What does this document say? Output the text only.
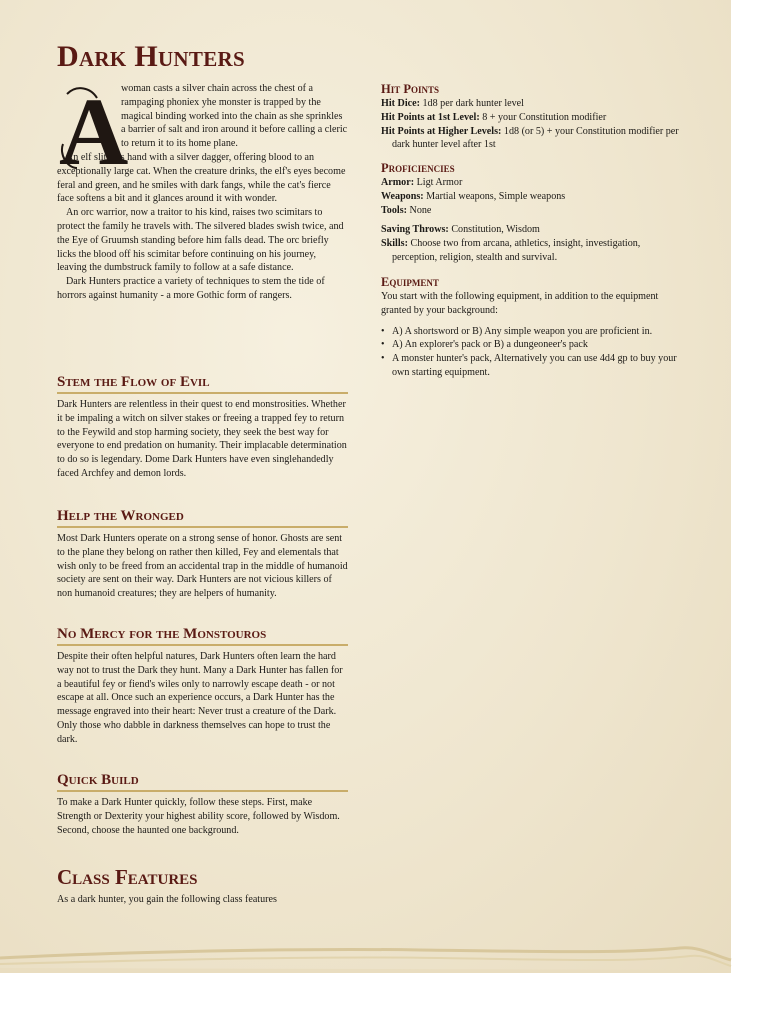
Dark Hunters
A

woman casts a silver chain across the chest of a rampaging phoniex yhe monster is trapped by the magical binding worked into the chain as she sprinkles a barrier of salt and iron around it before calling a cleric to return it to its home plane.

An elf slits his hand with a silver dagger, offering blood to an exceptionally large cat. When the creature drinks, the elf's eyes become feral and green, and he smiles with dark fangs, while the cat's fierce face softens a bit and it glances around it with wonder.

An orc warrior, now a traitor to his kind, raises two scimitars to protect the family he travels with. The silvered blades swish twice, and the Eye of Gruumsh standing before him falls dead. The orc briefly licks the blood off his scimitar before continuing on his journey, leaving the dumbstruck family to follow at a safe distance.

Dark Hunters practice a variety of techniques to stem the tide of horrors against humanity - a more Gothic form of rangers.

Stem the Flow of Evil

Dark Hunters are relentless in their quest to end monstrosities. Whether it be impaling a witch on silver stakes or freeing a trapped fey to return to the Feywild and stop harming society, they seek the best way for everyone to end predation on humanity. Their implacable determination to do so is legendary. Dome Dark Hunters have even singlehandedly faced Archfey and demon lords.

Help the Wronged

Most Dark Hunters operate on a strong sense of honor. Ghosts are sent to the plane they belong on rather then killed, Fey and elementals that wish only to be freed from an accidental trap in the middle of humanoid society are sent on their way. Dark Hunters are not vicious killers of non humanoid creatures; they are helpers of humanity.

No Mercy for the Monstouros

Despite their often helpful natures, Dark Hunters often learn the hard way not to trust the Dark they hunt. Many a Dark Hunter has fallen for a beautiful fey or fiend's wiles only to narrowly escape death - or not escape at all. Once such an experience occurs, a Dark Hunter has the message engraved into their heart: Never trust a creature of the Dark. Only those who dabble in darkness themselves can hope to trust the dark.

Quick Build

To make a Dark Hunter quickly, follow these steps. First, make Strength or Dexterity your highest ability score, followed by Wisdom. Second, choose the haunted one background.

Class Features

As a dark hunter, you gain the following class features

Hit Points

Hit Dice: 1d8 per dark hunter level

Hit Points at 1st Level: 8 + your Constitution modifier

Hit Points at Higher Levels: 1d8 (or 5) + your Constitution modifier per dark hunter level after 1st

Proficiencies

Armor: Ligt Armor

Weapons: Martial weapons, Simple weapons

Tools: None

Saving Throws: Constitution, Wisdom

Skills: Choose two from arcana, athletics, insight, investigation, perception, religion, stealth and survival.

Equipment

You start with the following equipment, in addition to the equipment granted by your background:

• A) A shortsword or B) Any simple weapon you are proficient in.
• A) An explorer's pack or B) a dungeoneer's pack
• A monster hunter's pack, Alternatively you can use 4d4 gp to buy your own starting equipment.
